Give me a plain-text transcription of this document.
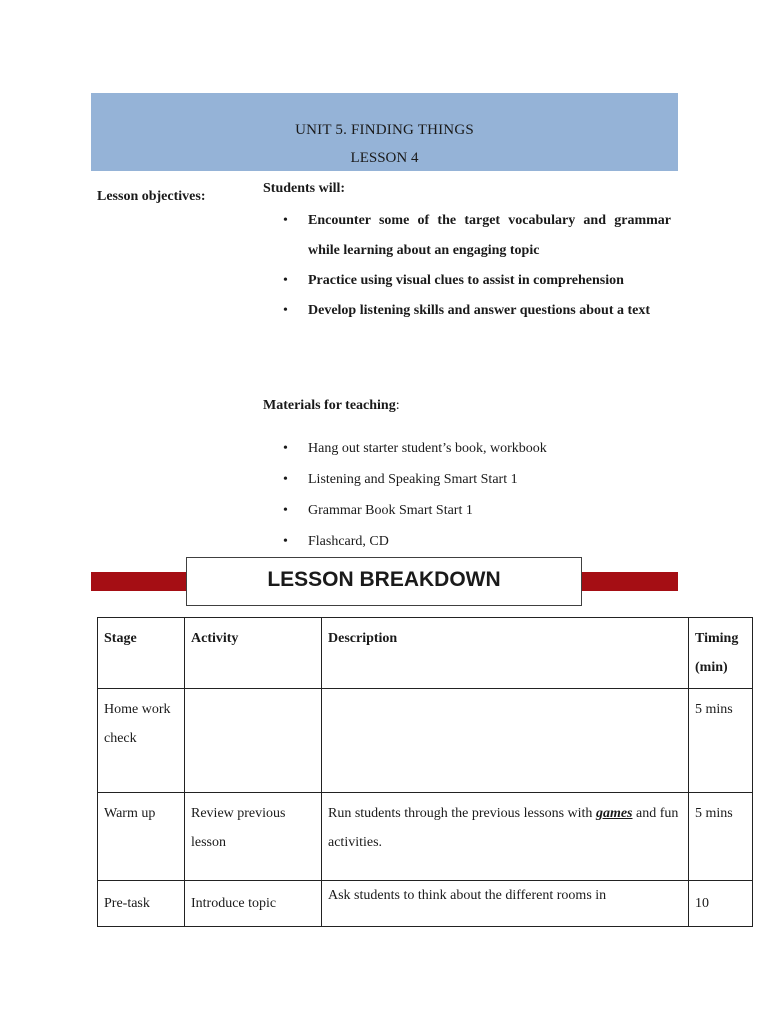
UNIT 5. FINDING THINGS
LESSON 4
Lesson objectives:
Students will:
• Encounter some of the target vocabulary and grammar while learning about an engaging topic
• Practice using visual clues to assist in comprehension
• Develop listening skills and answer questions about a text
Materials for teaching:
• Hang out starter student’s book, workbook
• Listening and Speaking Smart Start 1
• Grammar Book Smart Start 1
• Flashcard, CD
LESSON BREAKDOWN
Stage	Activity	Description	Timing (min)
Home work check			5 mins
Warm up	Review previous lesson	Run students through the previous lessons with games and fun activities.	5 mins
Pre-task	Introduce topic	Ask students to think about the different rooms in	10
